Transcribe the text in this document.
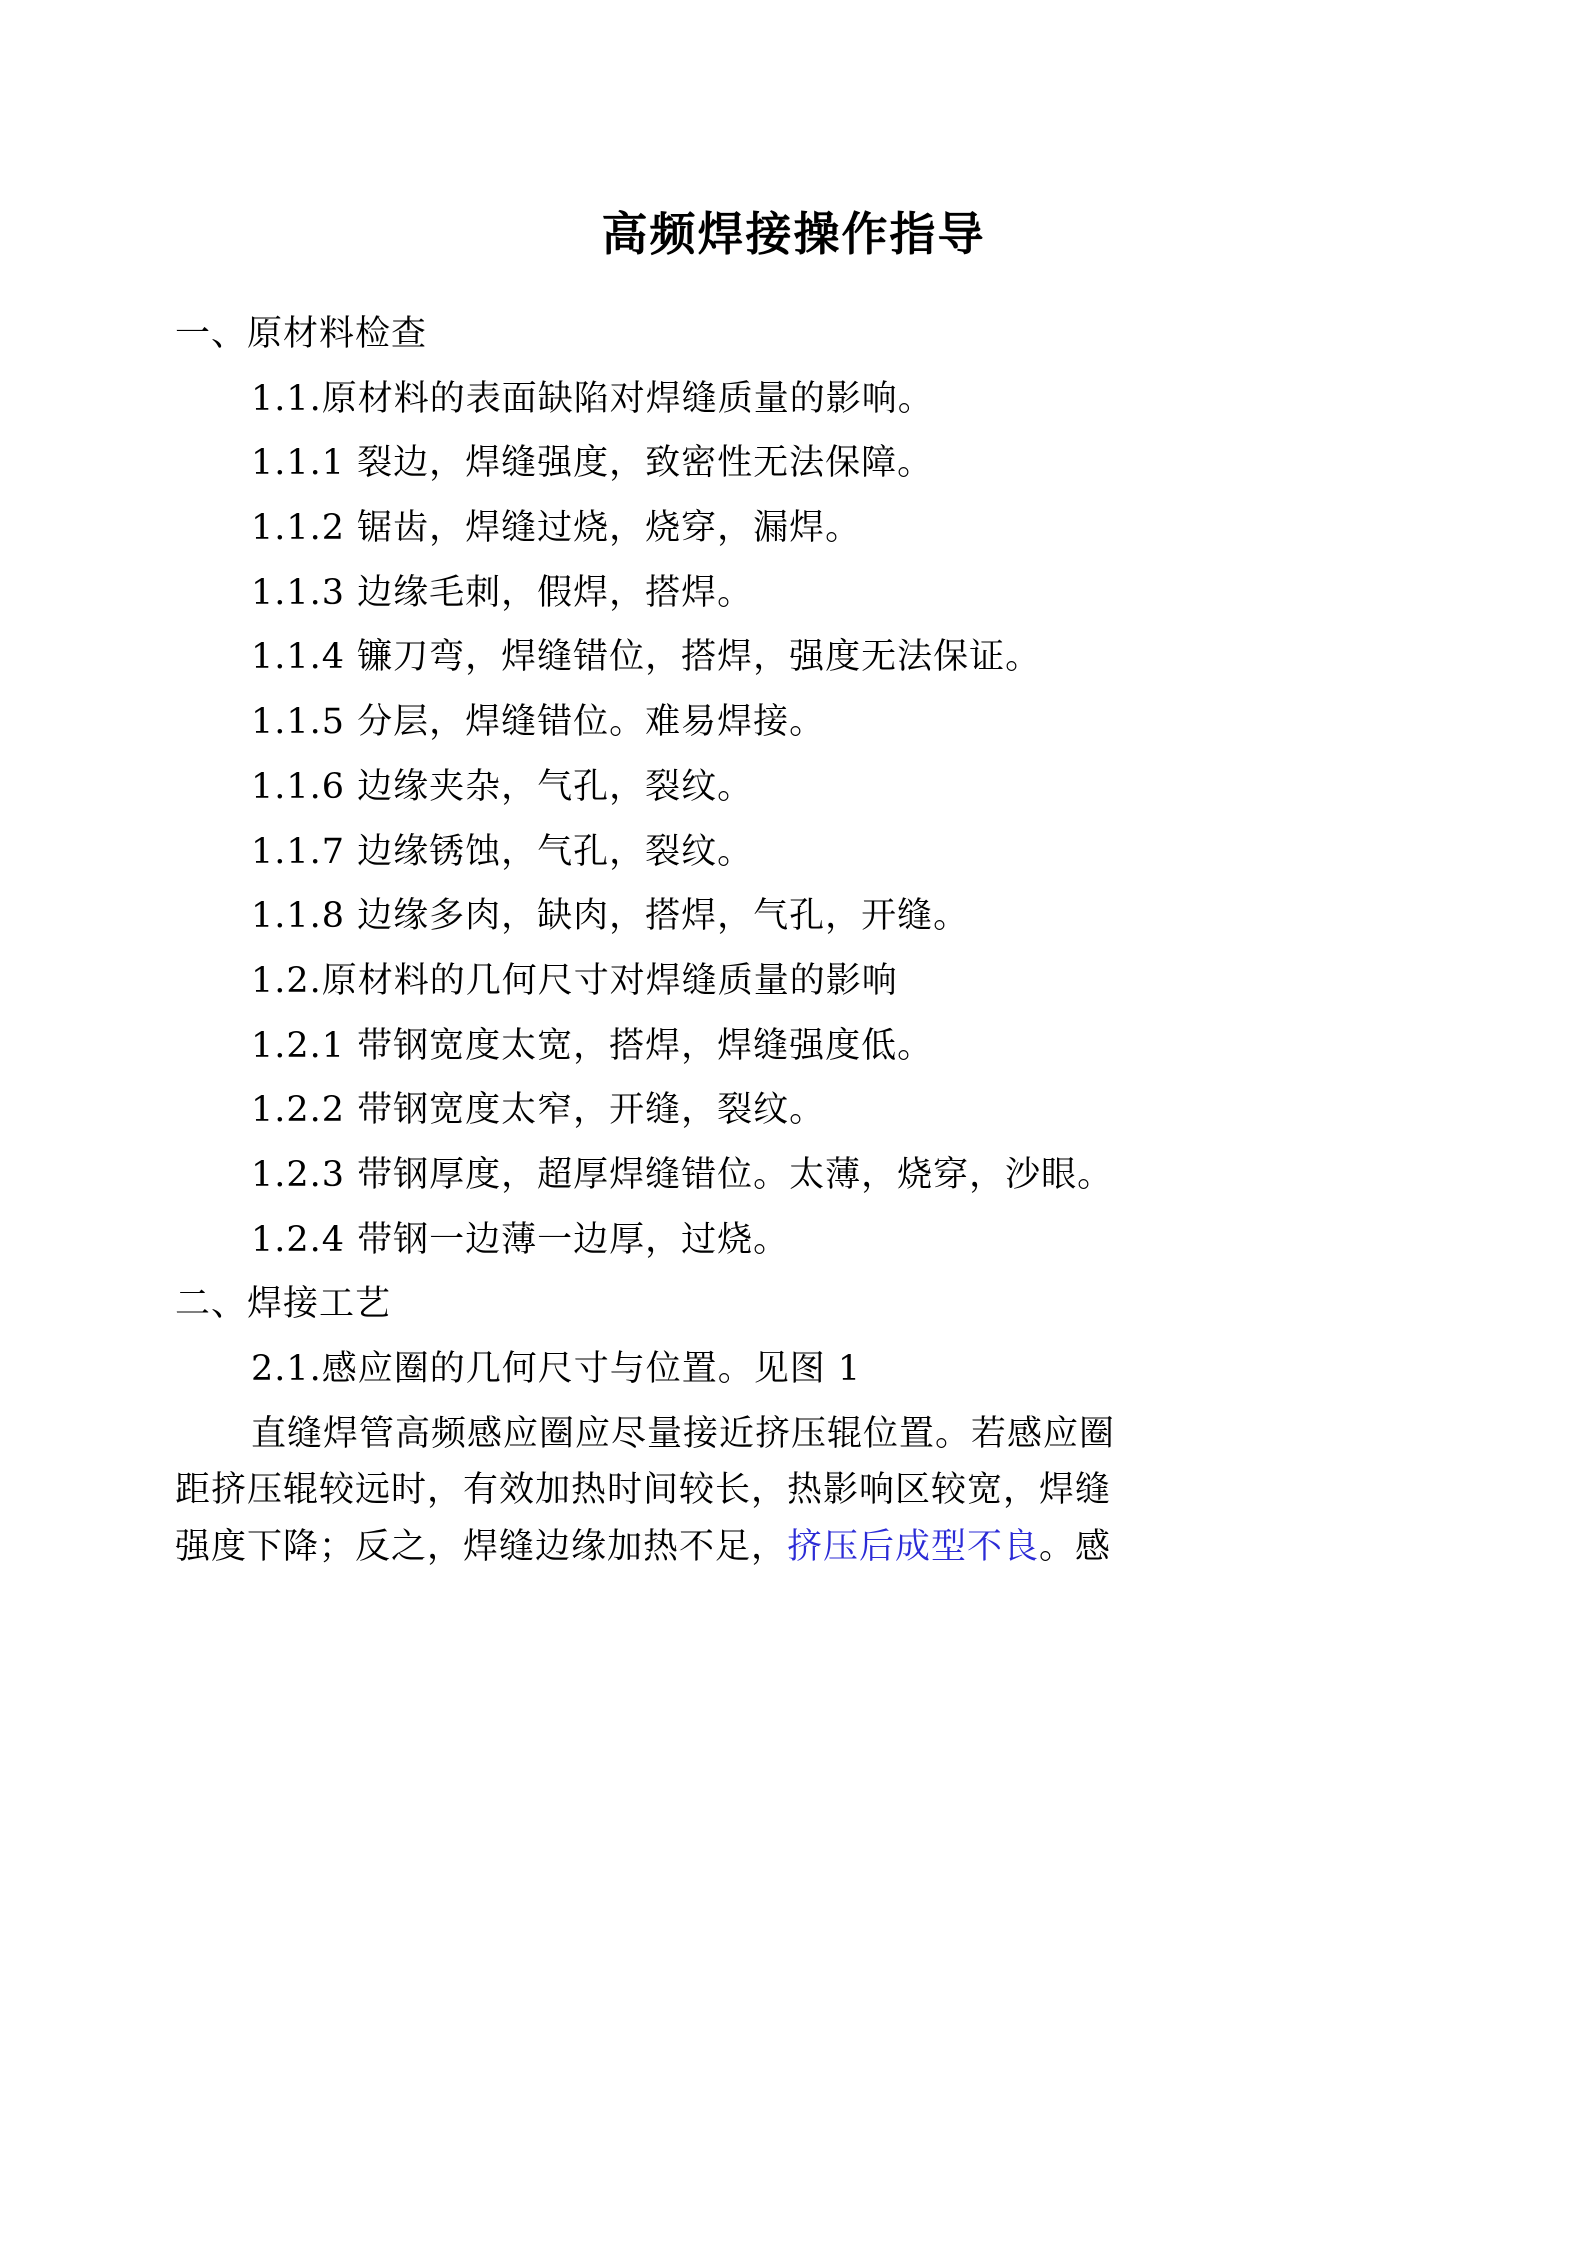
高频焊接操作指导
一、原材料检查
1.1.原材料的表面缺陷对焊缝质量的影响。
1.1.1 裂边，焊缝强度，致密性无法保障。
1.1.2 锯齿，焊缝过烧，烧穿，漏焊。
1.1.3 边缘毛刺，假焊，搭焊。
1.1.4 镰刀弯，焊缝错位，搭焊，强度无法保证。
1.1.5 分层，焊缝错位。难易焊接。
1.1.6 边缘夹杂，气孔，裂纹。
1.1.7 边缘锈蚀，气孔，裂纹。
1.1.8 边缘多肉，缺肉，搭焊，气孔，开缝。
1.2.原材料的几何尺寸对焊缝质量的影响
1.2.1 带钢宽度太宽，搭焊，焊缝强度低。
1.2.2 带钢宽度太窄，开缝，裂纹。
1.2.3 带钢厚度，超厚焊缝错位。太薄，烧穿，沙眼。
1.2.4 带钢一边薄一边厚，过烧。
二、焊接工艺
2.1.感应圈的几何尺寸与位置。见图 1
直缝焊管高频感应圈应尽量接近挤压辊位置。若感应圈
距挤压辊较远时，有效加热时间较长，热影响区较宽，焊缝
强度下降；反之，焊缝边缘加热不足，挤压后成型不良。感
